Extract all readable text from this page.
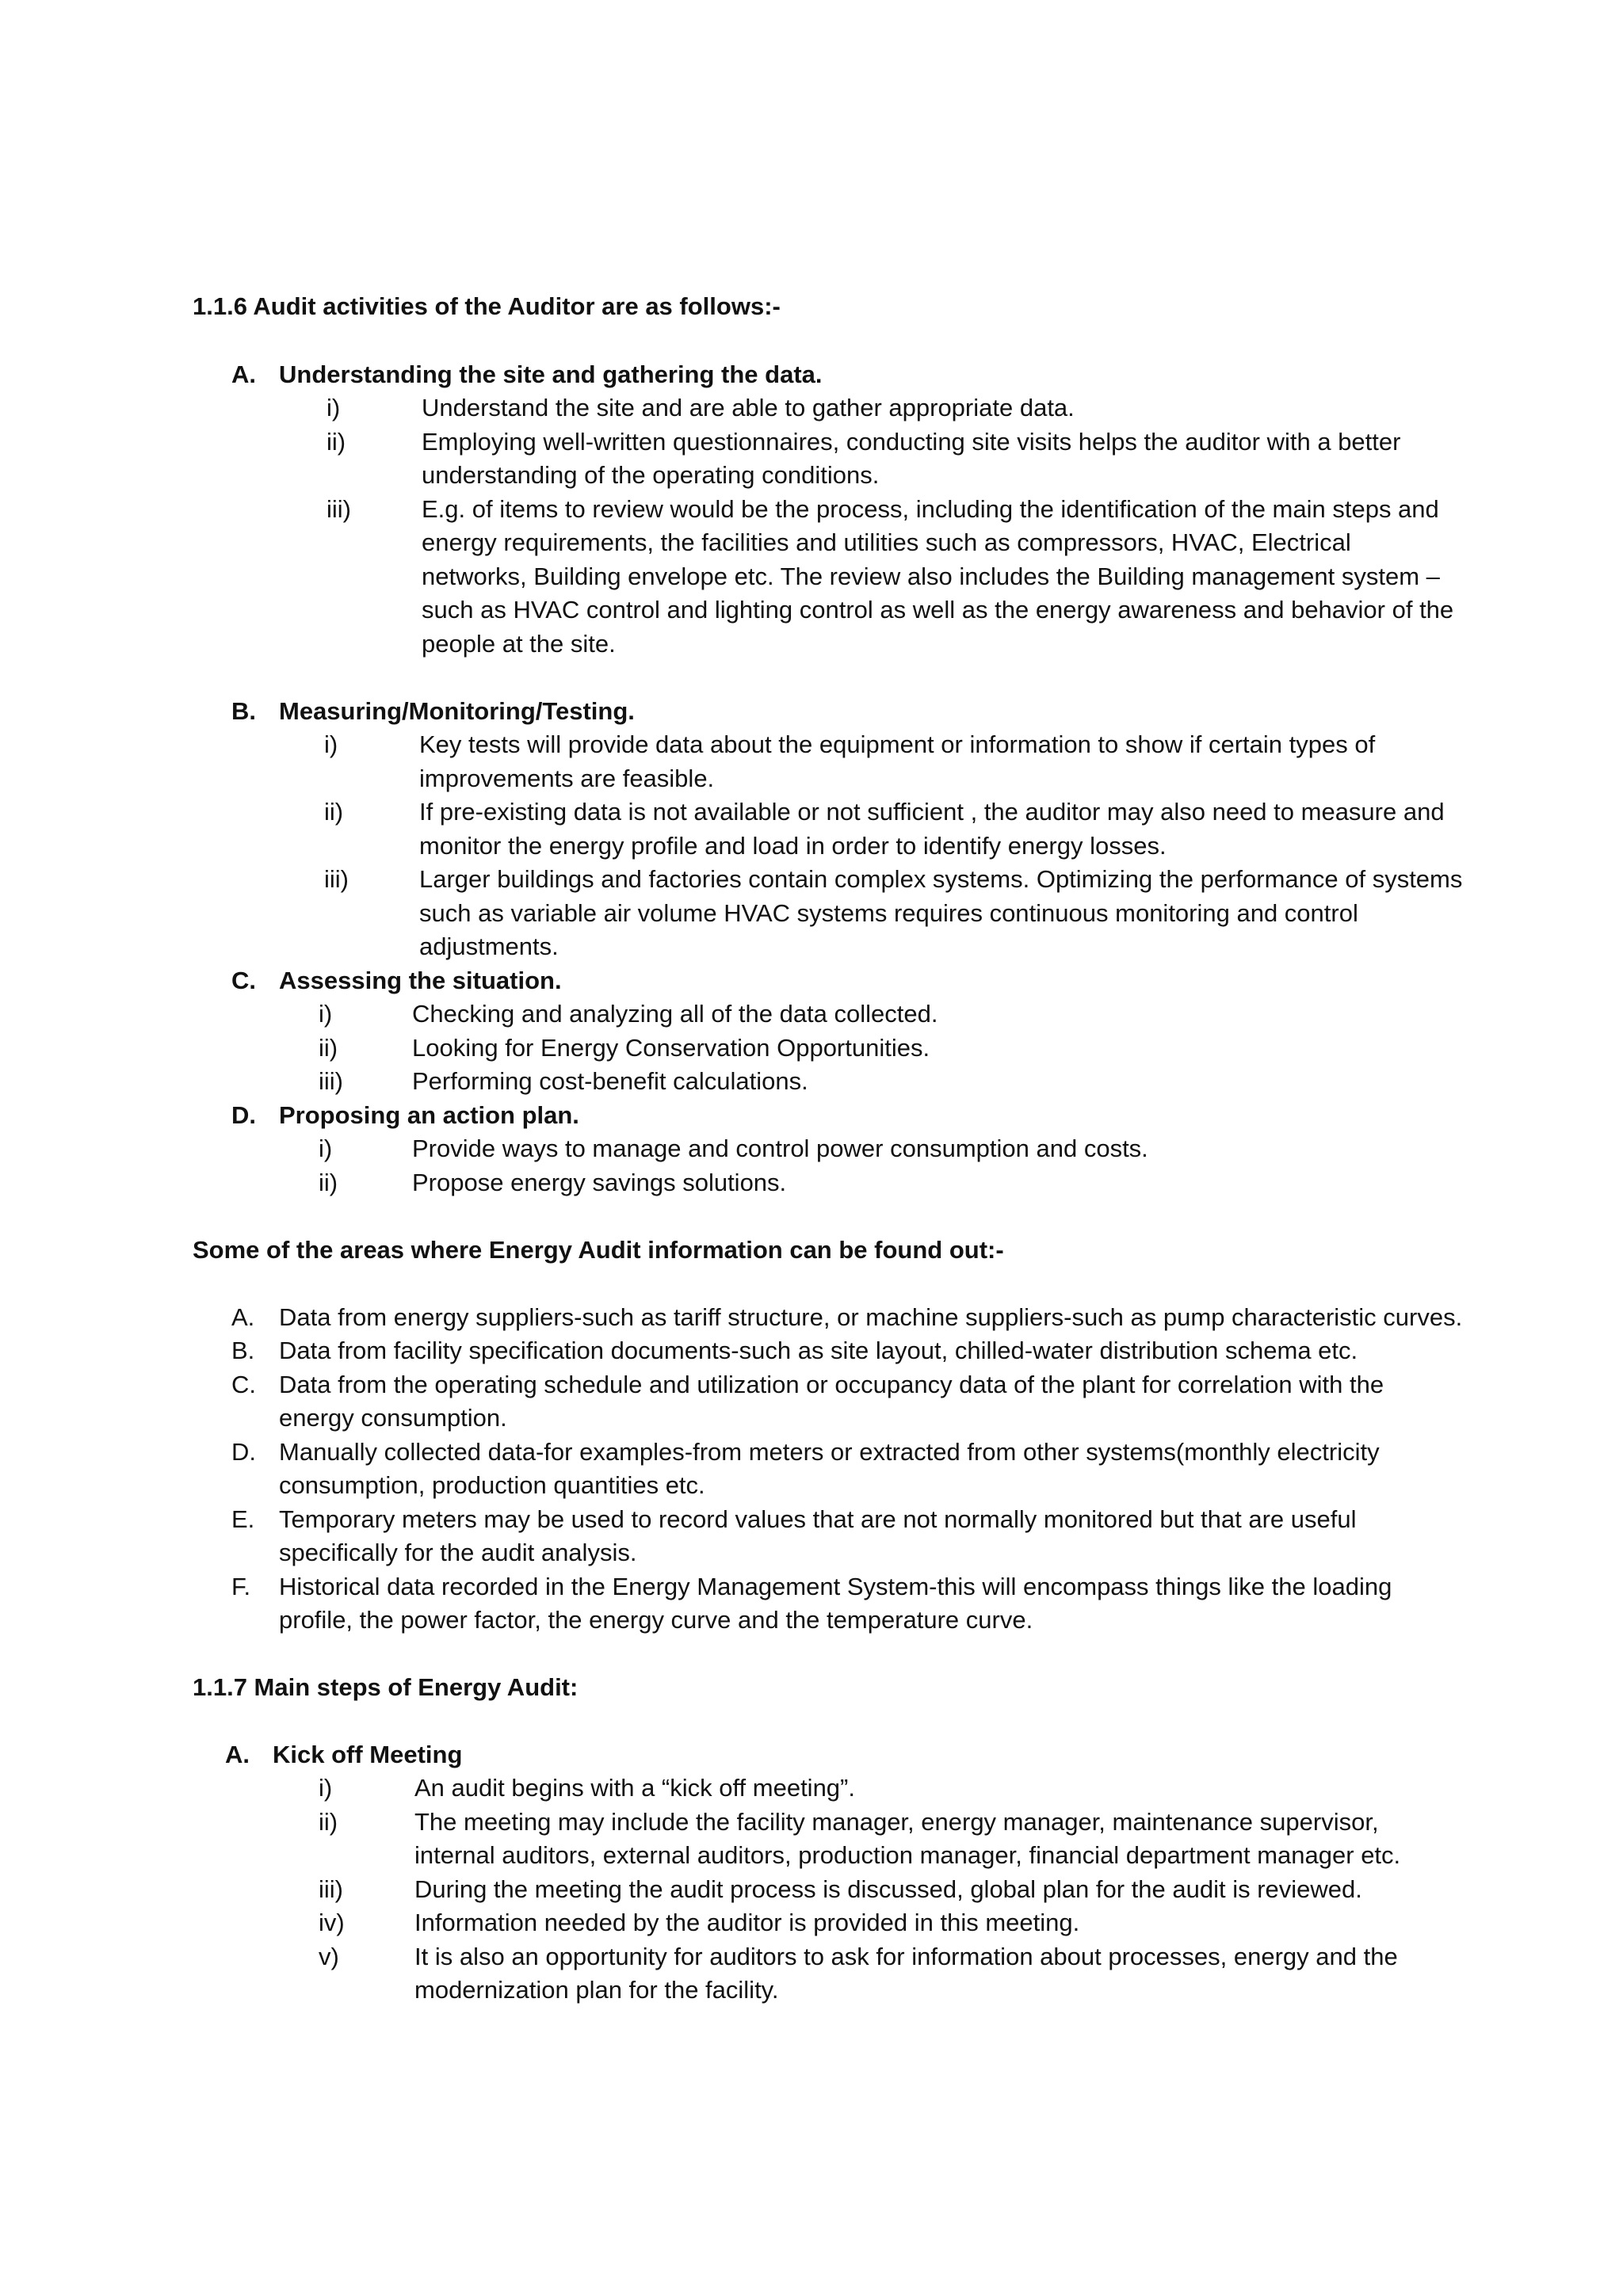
1.1.6 Audit activities of the Auditor are as follows:-
A. Understanding the site and gathering the data.
i)	Understand the site and are able to gather appropriate data.
ii)	Employing well-written questionnaires, conducting site visits helps the auditor with a better
understanding of the operating conditions.
iii)	E.g. of items to review would be the process, including the identification of the main steps and
energy requirements, the facilities and utilities such as compressors, HVAC, Electrical
networks, Building envelope etc. The review also includes the Building management system –
such as HVAC control and lighting control as well as the energy awareness and behavior of the
people at the site.
B. Measuring/Monitoring/Testing.
i)	Key tests will provide data about the equipment or information to show if certain types of
improvements are feasible.
ii)	If pre-existing data is not available or not sufficient , the auditor may also need to measure and
monitor the energy profile and load in order to identify energy losses.
iii)	Larger buildings and factories contain complex systems. Optimizing the performance of systems
such as variable air volume HVAC systems requires continuous monitoring and control
adjustments.
C. Assessing the situation.
i)	Checking and analyzing all of the data collected.
ii)	Looking for Energy Conservation Opportunities.
iii)	Performing cost-benefit calculations.
D. Proposing an action plan.
i)	Provide ways to manage and control power consumption and costs.
ii)	Propose energy savings solutions.
Some of the areas where Energy Audit information can be found out:-
A. Data from energy suppliers-such as tariff structure, or machine suppliers-such as pump characteristic curves.
B. Data from facility specification documents-such as site layout, chilled-water distribution schema etc.
C. Data from the operating schedule and utilization or occupancy data of the plant for correlation with the
energy consumption.
D. Manually collected data-for examples-from meters or extracted from other systems(monthly electricity
consumption, production quantities etc.
E. Temporary meters may be used to record values that are not normally monitored but that are useful
specifically for the audit analysis.
F. Historical data recorded in the Energy Management System-this will encompass things like the loading
profile, the power factor, the energy curve and the temperature curve.
1.1.7 Main steps of Energy Audit:
A. Kick off Meeting
i)	An audit begins with a “kick off meeting”.
ii)	The meeting may include the facility manager, energy manager, maintenance supervisor,
internal auditors, external auditors, production manager, financial department manager etc.
iii)	During the meeting the audit process is discussed, global plan for the audit is reviewed.
iv)	Information needed by the auditor is provided in this meeting.
v)	It is also an opportunity for auditors to ask for information about processes, energy and the
modernization plan for the facility.
